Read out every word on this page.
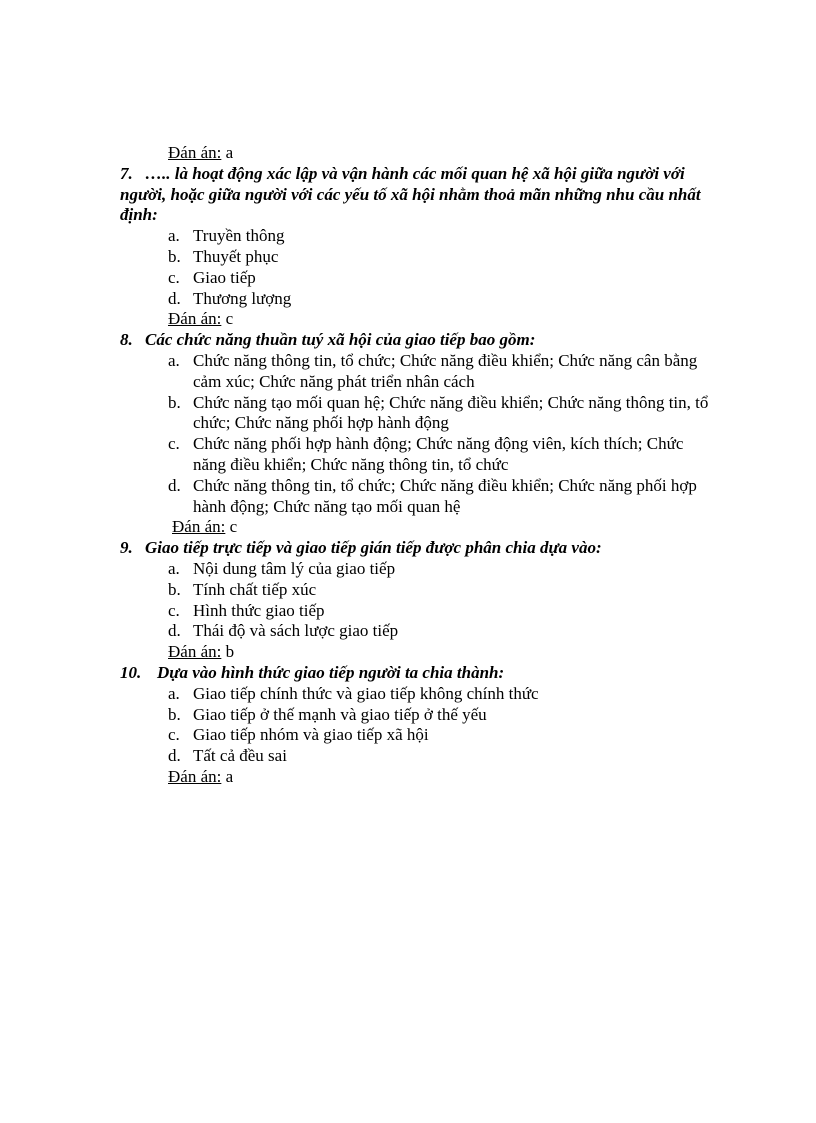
Đán án: a
7. ….. là hoạt động xác lập và vận hành các mối quan hệ xã hội giữa người với người, hoặc giữa người với các yếu tố xã hội nhằm thoả mãn những nhu cầu nhất định:
a. Truyền thông
b. Thuyết phục
c. Giao tiếp
d. Thương lượng
Đán án: c
8. Các chức năng thuần tuý xã hội của giao tiếp bao gồm:
a. Chức năng thông tin, tổ chức; Chức năng điều khiển; Chức năng cân bằng cảm xúc; Chức năng phát triển nhân cách
b. Chức năng tạo mối quan hệ; Chức năng điều khiển; Chức năng thông tin, tổ chức; Chức năng phối hợp hành động
c. Chức năng phối hợp hành động; Chức năng động viên, kích thích; Chức năng điều khiển; Chức năng thông tin, tổ chức
d. Chức năng thông tin, tổ chức; Chức năng điều khiển; Chức năng phối hợp hành động; Chức năng tạo mối quan hệ
Đán án: c
9. Giao tiếp trực tiếp và giao tiếp gián tiếp được phân chia dựa vào:
a. Nội dung tâm lý của giao tiếp
b. Tính chất tiếp xúc
c. Hình thức giao tiếp
d. Thái độ và sách lược giao tiếp
Đán án: b
10. Dựa vào hình thức giao tiếp người ta chia thành:
a. Giao tiếp chính thức và giao tiếp không chính thức
b. Giao tiếp ở thế mạnh và giao tiếp ở thế yếu
c. Giao tiếp nhóm và giao tiếp xã hội
d. Tất cả đều sai
Đán án: a
